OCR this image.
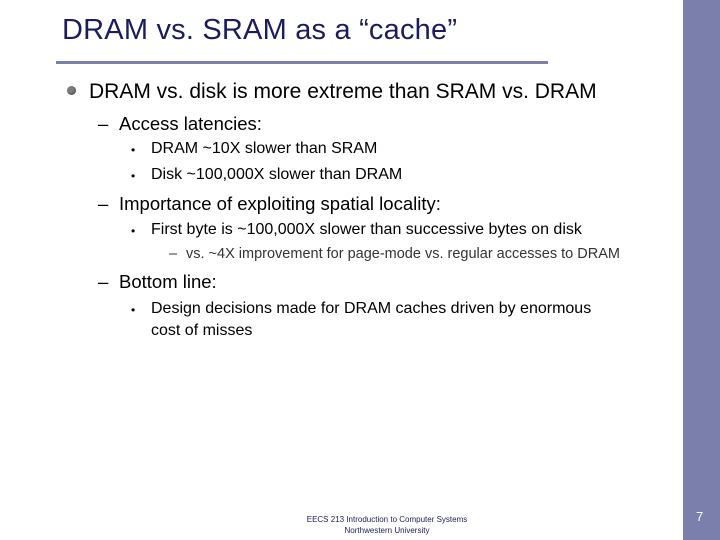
DRAM vs. SRAM as a “cache”
DRAM vs. disk is more extreme than SRAM vs. DRAM
– Access latencies:
• DRAM ~10X slower than SRAM
• Disk ~100,000X slower than DRAM
– Importance of exploiting spatial locality:
• First byte is ~100,000X slower than successive bytes on disk
– vs. ~4X improvement for page-mode vs. regular accesses to DRAM
– Bottom line:
• Design decisions made for DRAM caches driven by enormous
cost of misses
EECS 213 Introduction to Computer Systems
Northwestern University
7
